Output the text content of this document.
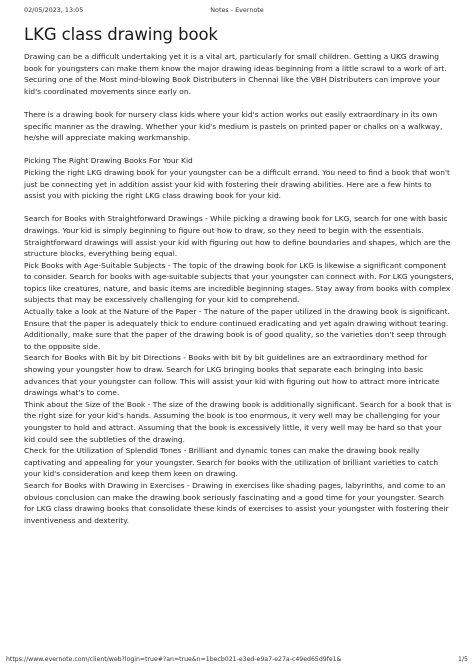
02/05/2023, 13:05	Notes - Evernote
LKG class drawing book

Drawing can be a difficult undertaking yet it is a vital art, particularly for small children. Getting a UKG drawing book for youngsters can make them know the major drawing ideas beginning from a little scrawl to a work of art. Securing one of the Most mind-blowing Book Distributers in Chennai like the VBH Distributers can improve your kid's coordinated movements since early on.

There is a drawing book for nursery class kids where your kid's action works out easily extraordinary in its own specific manner as the drawing. Whether your kid's medium is pastels on printed paper or chalks on a walkway, he/she will appreciate making workmanship.

Picking The Right Drawing Books For Your Kid

Picking the right LKG drawing book for your youngster can be a difficult errand. You need to find a book that won't just be connecting yet in addition assist your kid with fostering their drawing abilities. Here are a few hints to assist you with picking the right LKG class drawing book for your kid.

Search for Books with Straightforward Drawings - While picking a drawing book for LKG, search for one with basic drawings. Your kid is simply beginning to figure out how to draw, so they need to begin with the essentials. Straightforward drawings will assist your kid with figuring out how to define boundaries and shapes, which are the structure blocks, everything being equal.

Pick Books with Age-Suitable Subjects - The topic of the drawing book for LKG is likewise a significant component to consider. Search for books with age-suitable subjects that your youngster can connect with. For LKG youngsters, topics like creatures, nature, and basic items are incredible beginning stages. Stay away from books with complex subjects that may be excessively challenging for your kid to comprehend.

Actually take a look at the Nature of the Paper - The nature of the paper utilized in the drawing book is significant. Ensure that the paper is adequately thick to endure continued eradicating and yet again drawing without tearing. Additionally, make sure that the paper of the drawing book is of good quality, so the varieties don't seep through to the opposite side.

Search for Books with Bit by bit Directions - Books with bit by bit guidelines are an extraordinary method for showing your youngster how to draw. Search for LKG bringing books that separate each bringing into basic advances that your youngster can follow. This will assist your kid with figuring out how to attract more intricate drawings what's to come.

Think about the Size of the Book - The size of the drawing book is additionally significant. Search for a book that is the right size for your kid's hands. Assuming the book is too enormous, it very well may be challenging for your youngster to hold and attract. Assuming that the book is excessively little, it very well may be hard so that your kid could see the subtleties of the drawing.

Check for the Utilization of Splendid Tones - Brilliant and dynamic tones can make the drawing book really captivating and appealing for your youngster. Search for books with the utilization of brilliant varieties to catch your kid's consideration and keep them keen on drawing.

Search for Books with Drawing in Exercises - Drawing in exercises like shading pages, labyrinths, and come to an obvious conclusion can make the drawing book seriously fascinating and a good time for your youngster. Search for LKG class drawing books that consolidate these kinds of exercises to assist your youngster with fostering their inventiveness and dexterity.

https://www.evernote.com/client/web?login=true#?an=true&n=1becb021-e3ed-e9a7-e27a-c49ed65d9fe1&	1/5
